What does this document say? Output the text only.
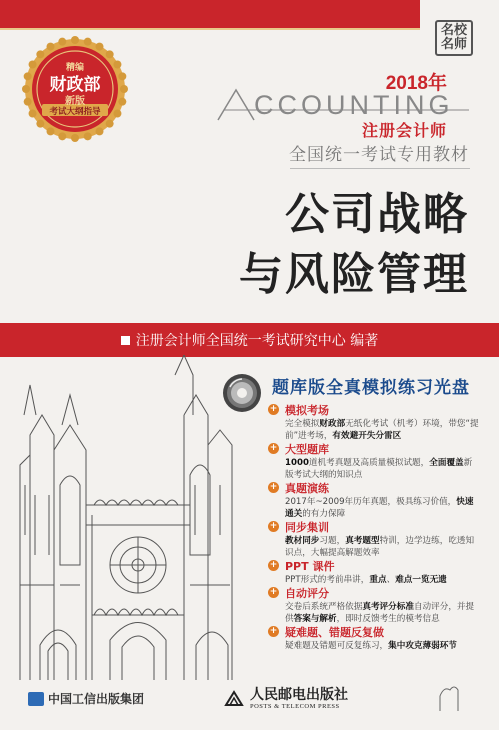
名校
名师
精编
财政部
新版
考试大纲指导
2018年
CCOUNTING
注册会计师
全国统一考试专用教材
公司战略
与风险管理
注册会计师全国统一考试研究中心 编著
题库版全真模拟练习光盘
+ 模拟考场
完全模拟财政部无纸化考试（机考）环境，带您“提前”进考场，有效避开失分雷区
+ 大型题库
1000道机考真题及高质量模拟试题，全面覆盖新版考试大纲的知识点
+ 真题演练
2017年~2009年历年真题，极具练习价值，快速通关的有力保障
+ 同步集训
教材同步习题，真考题型特训，边学边练，吃透知识点，大幅提高解题效率
+ PPT 课件
PPT形式的考前串讲，重点、难点一览无遗
+ 自动评分
交卷后系统严格依据真考评分标准自动评分，并提供答案与解析，即时反馈考生的模考信息
+ 疑难题、错题反复做
疑难题及错题可反复练习，集中攻克薄弱环节
中国工信出版集团	人民邮电出版社
POSTS & TELECOM PRESS
